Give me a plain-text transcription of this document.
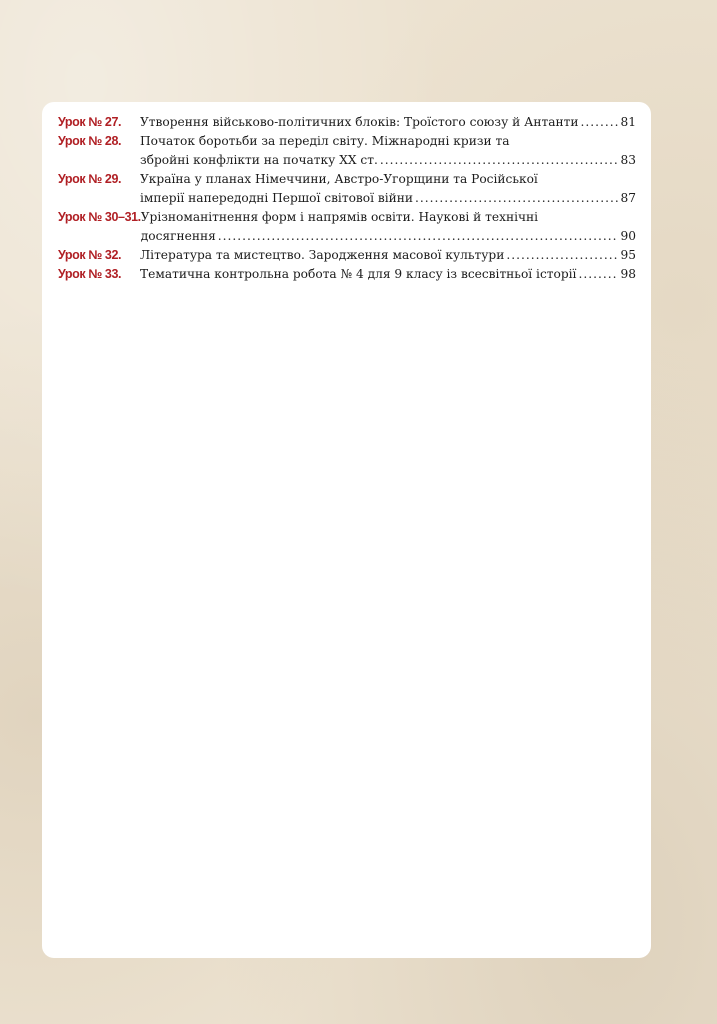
Урок № 27.	Утворення військово-політичних блоків: Троїстого союзу й Антанти .....	81
Урок № 28.	Початок боротьби за переділ світу. Міжнародні кризи та
збройні конфлікти на початку ХХ ст. .....	83
Урок № 29.	Україна у планах Німеччини, Австро-Угорщини та Російської
імперії напередодні Першої світової війни .....	87
Урок № 30–31. Урізноманітнення форм і напрямів освіти. Наукові й технічні
досягнення .....	90
Урок № 32.	Література та мистецтво. Зародження масової культури .....	95
Урок № 33.	Тематична контрольна робота № 4 для 9 класу із всесвітньої історії .....	98
